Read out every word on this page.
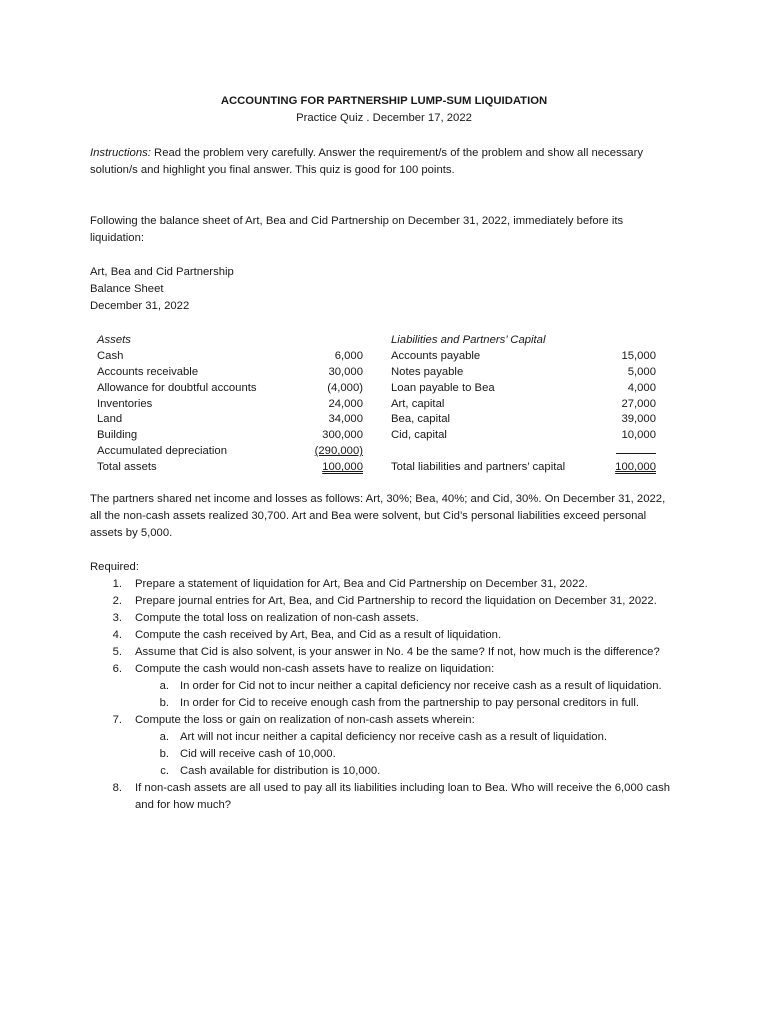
ACCOUNTING FOR PARTNERSHIP LUMP-SUM LIQUIDATION
Practice Quiz . December 17, 2022
Instructions: Read the problem very carefully. Answer the requirement/s of the problem and show all necessary
solution/s and highlight you final answer. This quiz is good for 100 points.
Following the balance sheet of Art, Bea and Cid Partnership on December 31, 2022, immediately before its
liquidation:
Art, Bea and Cid Partnership
Balance Sheet
December 31, 2022
Assets
Cash	6,000
Accounts receivable	30,000
Allowance for doubtful accounts	(4,000)
Inventories	24,000
Land	34,000
Building	300,000
Accumulated depreciation	(290,000)
Total assets	100,000
Liabilities and Partners’ Capital
Accounts payable	15,000
Notes payable	5,000
Loan payable to Bea	4,000
Art, capital	27,000
Bea, capital	39,000
Cid, capital	10,000
Total liabilities and partners’ capital	100,000
The partners shared net income and losses as follows: Art, 30%; Bea, 40%; and Cid, 30%. On December 31, 2022,
all the non-cash assets realized 30,700. Art and Bea were solvent, but Cid’s personal liabilities exceed personal
assets by 5,000.
Required:
1. Prepare a statement of liquidation for Art, Bea and Cid Partnership on December 31, 2022.
2. Prepare journal entries for Art, Bea, and Cid Partnership to record the liquidation on December 31, 2022.
3. Compute the total loss on realization of non-cash assets.
4. Compute the cash received by Art, Bea, and Cid as a result of liquidation.
5. Assume that Cid is also solvent, is your answer in No. 4 be the same? If not, how much is the difference?
6. Compute the cash would non-cash assets have to realize on liquidation:
a. In order for Cid not to incur neither a capital deficiency nor receive cash as a result of liquidation.
b. In order for Cid to receive enough cash from the partnership to pay personal creditors in full.
7. Compute the loss or gain on realization of non-cash assets wherein:
a. Art will not incur neither a capital deficiency nor receive cash as a result of liquidation.
b. Cid will receive cash of 10,000.
c. Cash available for distribution is 10,000.
8. If non-cash assets are all used to pay all its liabilities including loan to Bea. Who will receive the 6,000 cash
and for how much?
